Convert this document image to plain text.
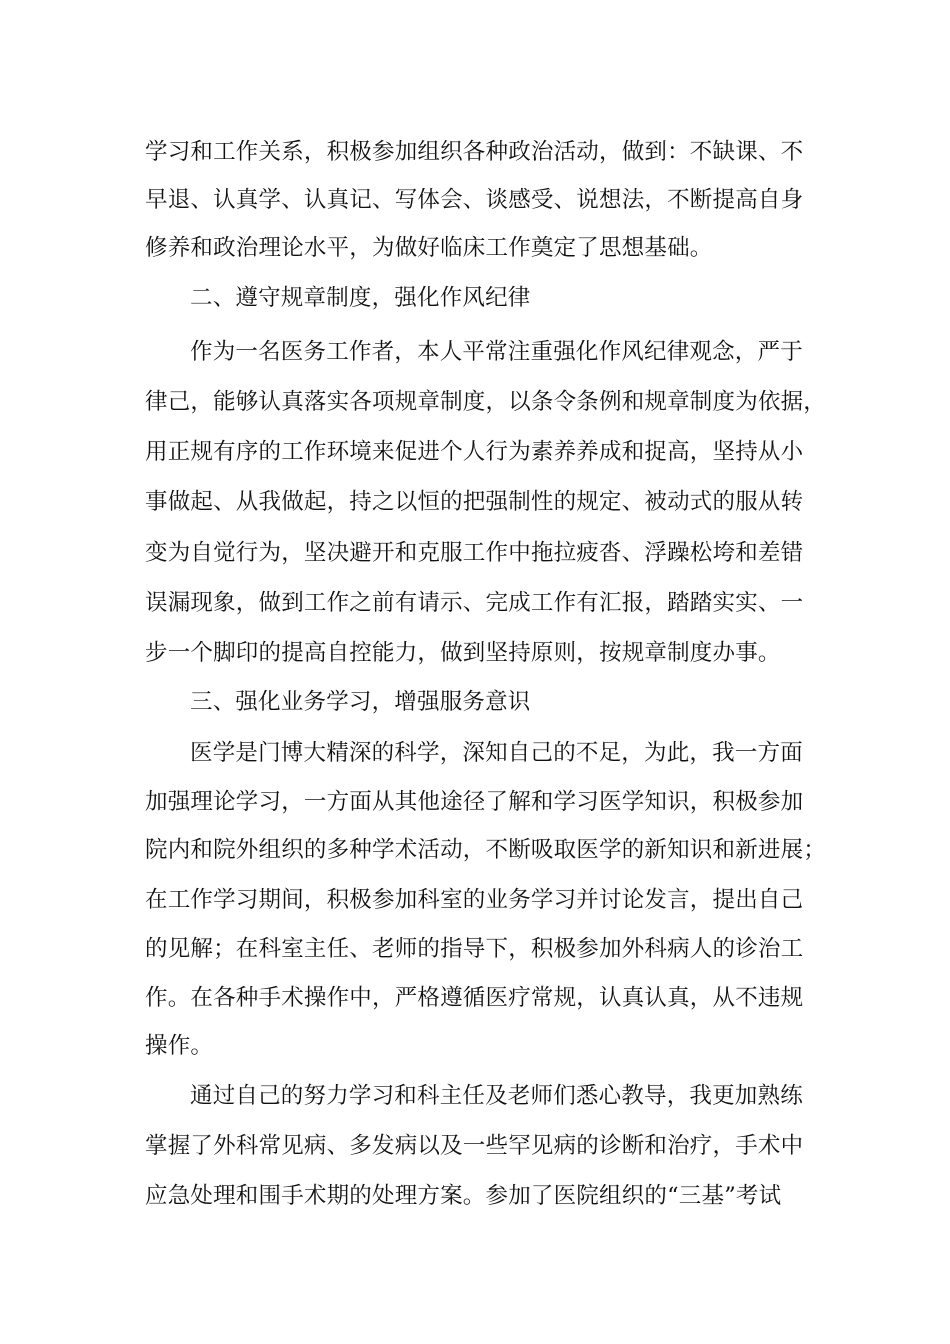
学习和工作关系，积极参加组织各种政治活动，做到：不缺课、不
早退、认真学、认真记、写体会、谈感受、说想法，不断提高自身
修养和政治理论水平，为做好临床工作奠定了思想基础。
二、遵守规章制度，强化作风纪律
作为一名医务工作者，本人平常注重强化作风纪律观念，严于
律己，能够认真落实各项规章制度，以条令条例和规章制度为依据，
用正规有序的工作环境来促进个人行为素养养成和捉高，坚持从小
事做起、从我做起，持之以恒的把强制性的规定、被动式的服从转
变为自觉行为，坚决避开和克服工作中拖拉疲沓、浮躁松垮和差错
误漏现象，做到工作之前有请示、完成工作有汇报，踏踏实实、一
步一个脚印的提高自控能力，做到坚持原则，按规章制度办事。
三、强化业务学习，增强服务意识
医学是门博大精深的科学，深知自己的不足，为此，我一方面
加强理论学习，一方面从其他途径了解和学习医学知识，积极参加
院内和院外组织的多种学术活动，不断吸取医学的新知识和新进展；
在工作学习期间，积极参加科室的业务学习并讨论发言，提出自己
的见解；在科室主任、老师的指导下，积极参加外科病人的诊治工
作。在各种手术操作中，严格遵循医疗常规，认真认真，从不违规
操作。
通过自己的努力学习和科主任及老师们悉心教导，我更加熟练
掌握了外科常见病、多发病以及一些罕见病的诊断和治疗，手术中
应急处理和围手术期的处理方案。参加了医院组织的“三基”考试
